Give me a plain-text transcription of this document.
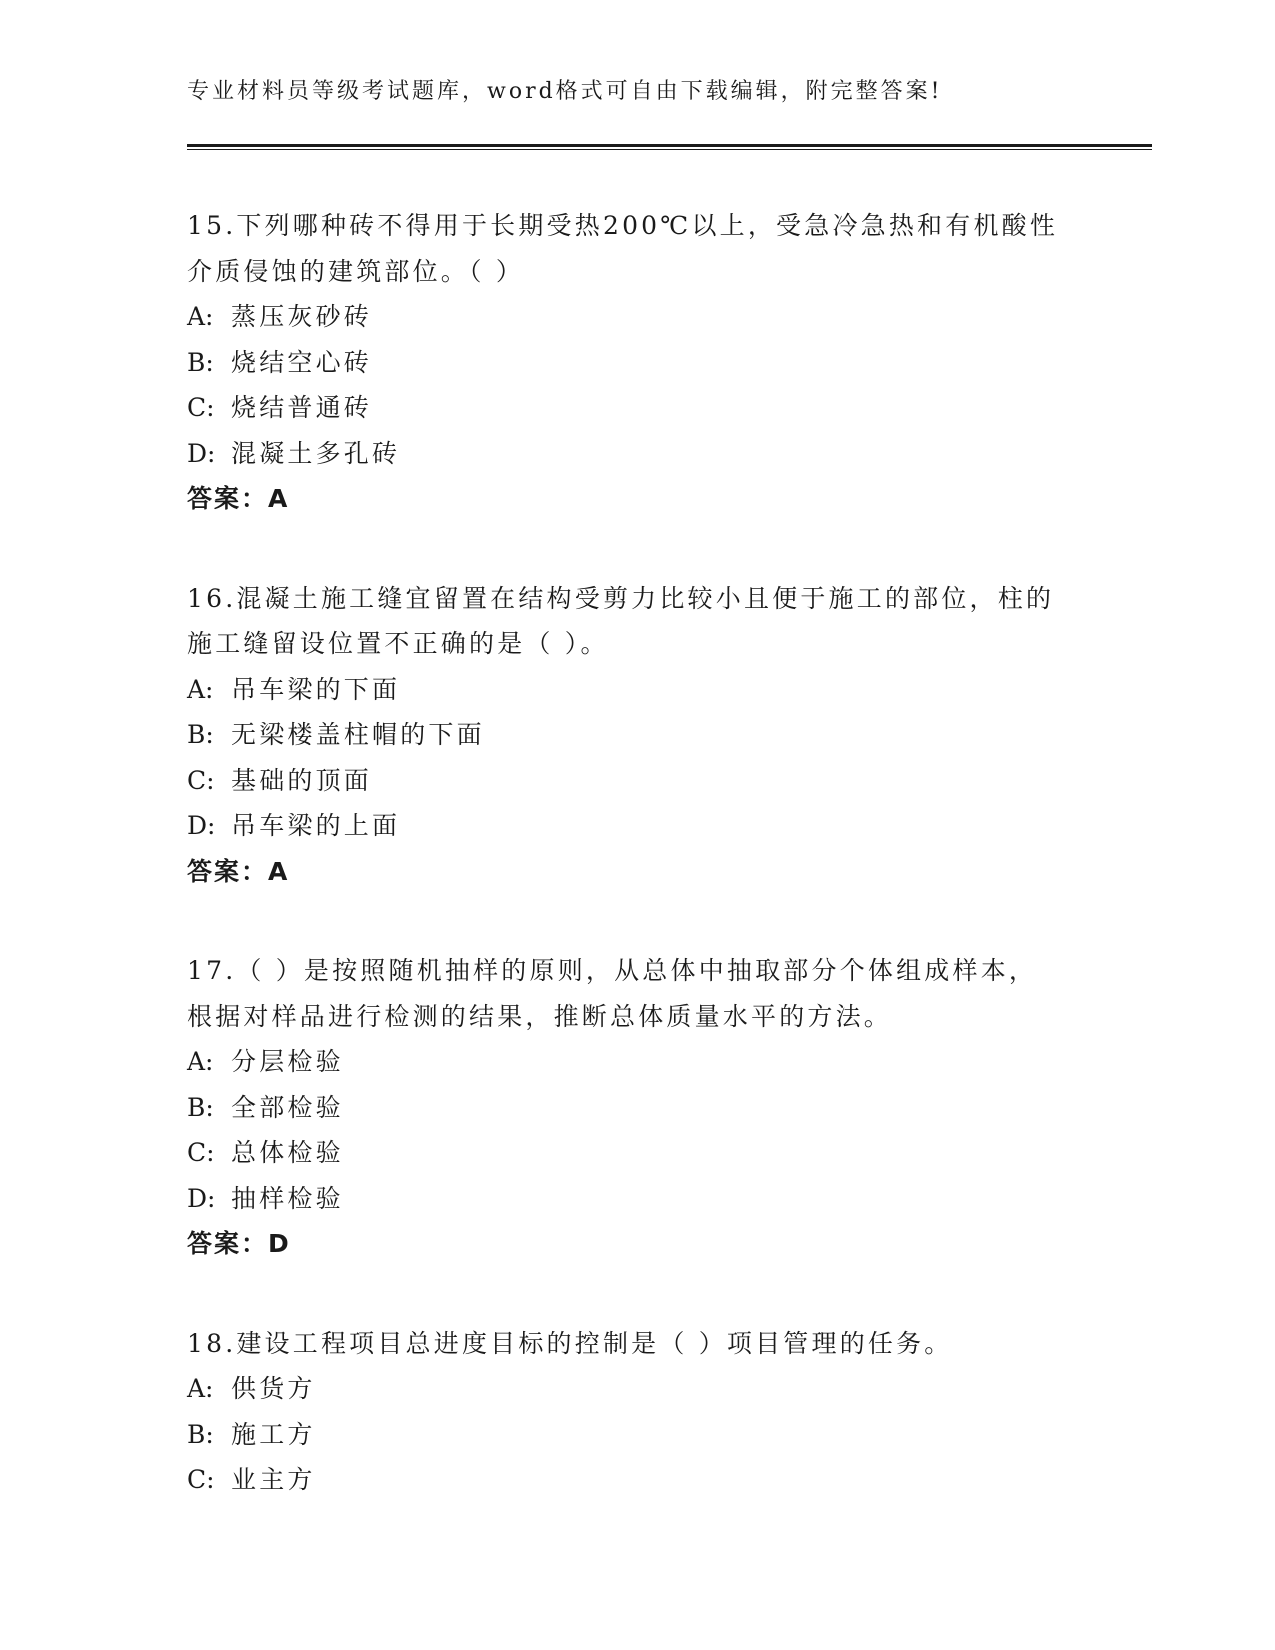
专业材料员等级考试题库，word格式可自由下载编辑，附完整答案!
15.下列哪种砖不得用于长期受热200℃以上，受急冷急热和有机酸性
介质侵蚀的建筑部位。（ ）
A: 蒸压灰砂砖
B: 烧结空心砖
C: 烧结普通砖
D: 混凝土多孔砖
答案：A
16.混凝土施工缝宜留置在结构受剪力比较小且便于施工的部位，柱的
施工缝留设位置不正确的是（ ）。
A: 吊车梁的下面
B: 无梁楼盖柱帽的下面
C: 基础的顶面
D: 吊车梁的上面
答案：A
17.（ ）是按照随机抽样的原则，从总体中抽取部分个体组成样本，
根据对样品进行检测的结果，推断总体质量水平的方法。
A: 分层检验
B: 全部检验
C: 总体检验
D: 抽样检验
答案：D
18.建设工程项目总进度目标的控制是（ ）项目管理的任务。
A: 供货方
B: 施工方
C: 业主方
